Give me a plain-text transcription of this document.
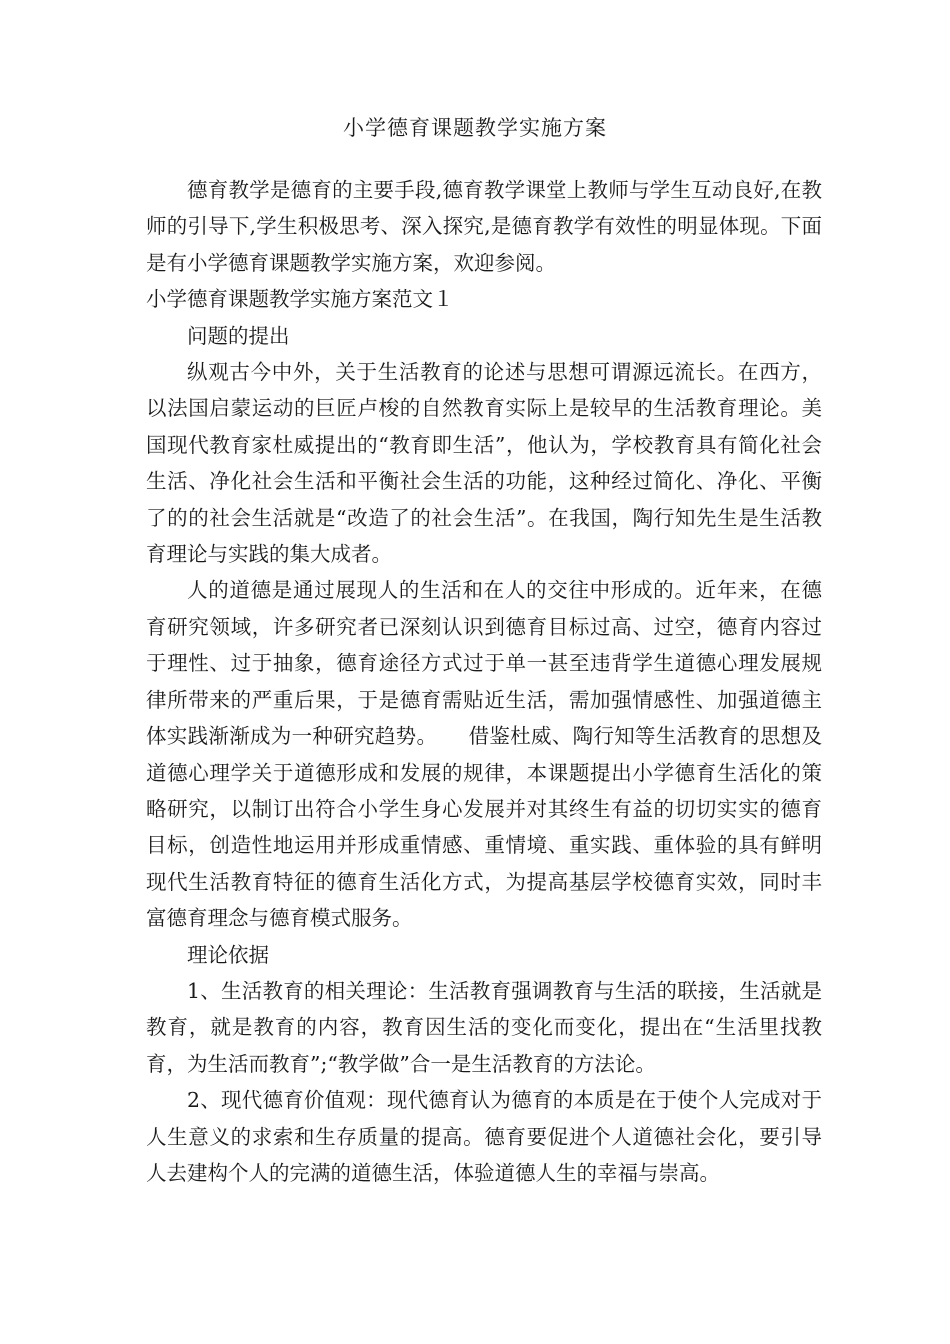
小学德育课题教学实施方案

德育教学是德育的主要手段,德育教学课堂上教师与学生互动良好,在教师的引导下,学生积极思考、深入探究,是德育教学有效性的明显体现。下面是有小学德育课题教学实施方案，欢迎参阅。

小学德育课题教学实施方案范文１

问题的提出

纵观古今中外，关于生活教育的论述与思想可谓源远流长。在西方，以法国启蒙运动的巨匠卢梭的自然教育实际上是较早的生活教育理论。美国现代教育家杜威提出的“教育即生活”，他认为，学校教育具有简化社会生活、净化社会生活和平衡社会生活的功能，这种经过简化、净化、平衡了的的社会生活就是“改造了的社会生活”。在我国，陶行知先生是生活教育理论与实践的集大成者。

人的道德是通过展现人的生活和在人的交往中形成的。近年来，在德育研究领域，许多研究者已深刻认识到德育目标过高、过空，德育内容过于理性、过于抽象，德育途径方式过于单一甚至违背学生道德心理发展规律所带来的严重后果，于是德育需贴近生活，需加强情感性、加强道德主体实践渐渐成为一种研究趋势。　　借鉴杜威、陶行知等生活教育的思想及道德心理学关于道德形成和发展的规律，本课题提出小学德育生活化的策略研究，以制订出符合小学生身心发展并对其终生有益的切切实实的德育目标，创造性地运用并形成重情感、重情境、重实践、重体验的具有鲜明现代生活教育特征的德育生活化方式，为提高基层学校德育实效，同时丰富德育理念与德育模式服务。

理论依据

1、生活教育的相关理论：生活教育强调教育与生活的联接，生活就是教育，就是教育的内容，教育因生活的变化而变化，提出在“生活里找教育，为生活而教育”;“教学做”合一是生活教育的方法论。

2、现代德育价值观：现代德育认为德育的本质是在于使个人完成对于人生意义的求索和生存质量的提高。德育要促进个人道德社会化，要引导人去建构个人的完满的道德生活，体验道德人生的幸福与崇高。
